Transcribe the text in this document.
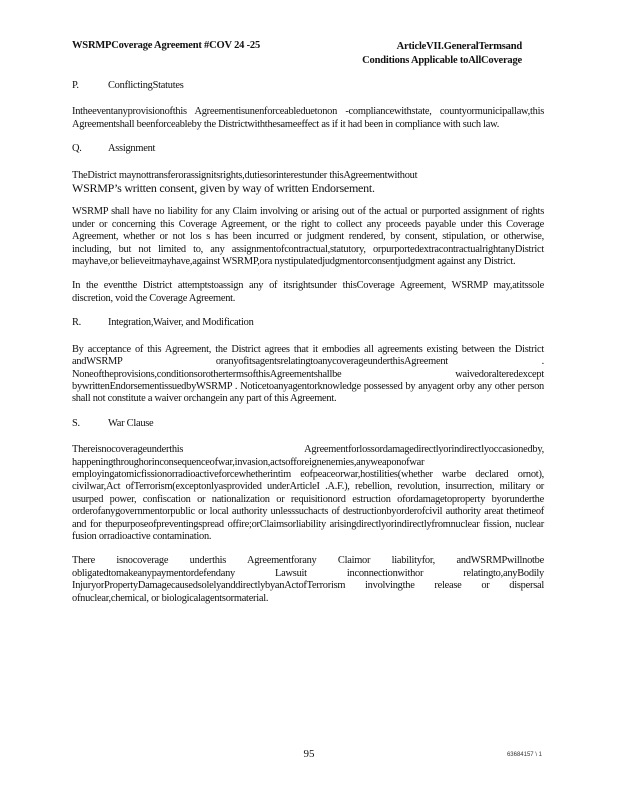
WSRMPCoverage Agreement #COV 24 -25	ArticleVII.GeneralTermsand
Conditions Applicable toAllCoverage
P.	ConflictingStatutes

Intheeventanyprovisionofthis Agreementisunenforceableduetonon -compliancewithstate, countyormunicipallaw,this Agreementshall beenforceableby the Districtwiththesameeffect as if it had been in compliance with such law.

Q.	Assignment

TheDistrict maynottransferorassignitsrights,dutiesorinterestunder thisAgreementwithout

WSRMP’s written consent, given by way of written Endorsement.

WSRMP shall have no liability for any Claim involving or arising out of the actual or purported assignment of rights under or concerning this Coverage Agreement, or the right to collect any proceeds payable under this Coverage Agreement, whether or not los s has been incurred or judgment rendered, by consent, stipulation, or otherwise, including, but not limited to, any assignmentofcontractual,statutory, orpurportedextracontractualrightanyDistrict mayhave,or believeitmayhave,against WSRMP,ora nystipulatedjudgmentorconsentjudgment against any District.

In the eventthe District attemptstoassign any of itsrightsunder thisCoverage Agreement, WSRMP may,atitssole discretion, void the Coverage Agreement.

R.	Integration,Waiver, and Modification

By acceptance of this Agreement, the District agrees that it embodies all agreements existing between the District andWSRMP oranyofitsagentsrelatingtoanycoverageunderthisAgreement . Noneoftheprovisions,conditionsorothertermsofthisAgreementshallbe waivedoralteredexcept bywrittenEndorsementissuedbyWSRMP . Noticetoanyagentorknowledge possessed by anyagent orby any other person shall not constitute a waiver orchangein any part of this Agreement.

S.	War Clause

Thereisnocoverageunderthis Agreementforlossordamagedirectlyorindirectlyoccasionedby, happeningthroughorinconsequenceofwar,invasion,actsofforeignenemies,anyweaponofwar employingatomicfissionorradioactiveforcewhetherintim eofpeaceorwar,hostilities(whether warbe declared ornot), civilwar,Act ofTerrorism(exceptonlyasprovided underArticleI .A.F.), rebellion, revolution, insurrection, military or usurped power, confiscation or nationalization or requisitionord estruction ofordamagetoproperty byorunderthe orderofanygovernmentorpublic or local authority unlesssuchacts of destructionbyorderofcivil authority areat thetimeof and for thepurposeofpreventingspread offire;orClaimsorliability arisingdirectlyorindirectlyfromnuclear fission, nuclear fusion orradioactive contamination.

There isnocoverage underthis Agreementforany Claimor liabilityfor, andWSRMPwillnotbe obligatedtomakeanypaymentordefendany Lawsuit inconnectionwithor relatingto,anyBodily InjuryorPropertyDamagecausedsolelyanddirectlybyanActofTerrorism involvingthe release or dispersal ofnuclear,chemical, or biologicalagentsormaterial.

95	63684157 \ 1
